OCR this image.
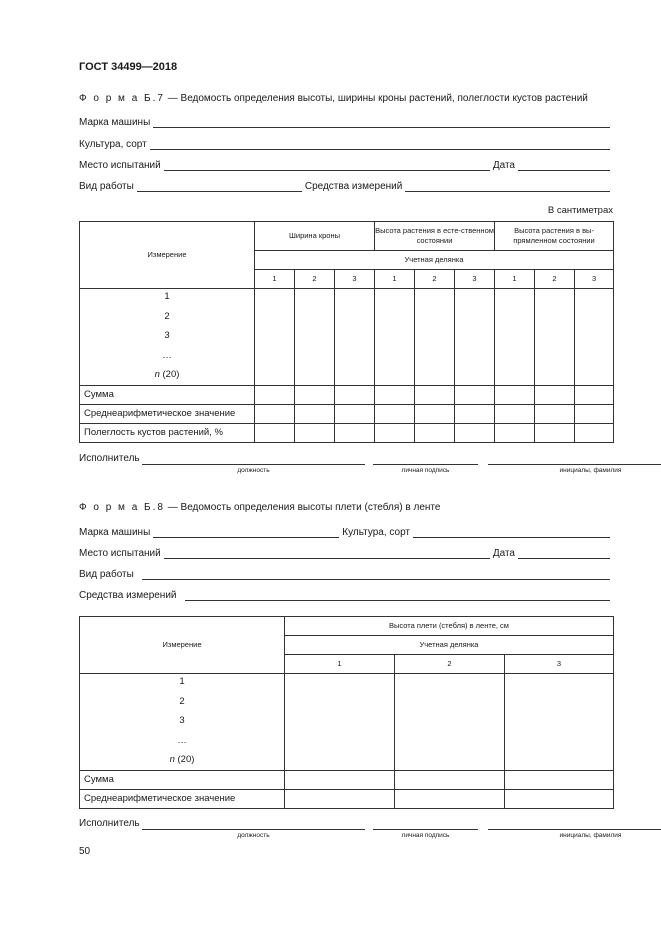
ГОСТ 34499—2018
Ф о р м а Б.7 — Ведомость определения высоты, ширины кроны растений, полеглости кустов растений
Марка машины
Культура, сорт
Место испытаний	Дата
Вид работы	Средства измерений
В сантиметрах
Измерение	Ширина кроны			Высота растения в есте-ственном состоянии			Высота растения в вы-прямленном состоянии		
	Учетная делянка								
	1	2	3	1	2	3	1	2	3

1
2
3
…
n (20)									

Сумма									
Среднеарифметическое значение									
Полеглость кустов растений, %									
Исполнитель
должность	личная подпись	инициалы, фамилия
Ф о р м а Б.8 — Ведомость определения высоты плети (стебля) в ленте
Марка машины	Культура, сорт
Место испытаний	Дата
Вид работы
Средства измерений
Измерение	Высота плети (стебля) в ленте, см		
	Учетная делянка		
	1	2	3

1
2
3
…
n (20)			

Сумма			
Среднеарифметическое значение			
Исполнитель
должность	личная подпись	инициалы, фамилия
50
